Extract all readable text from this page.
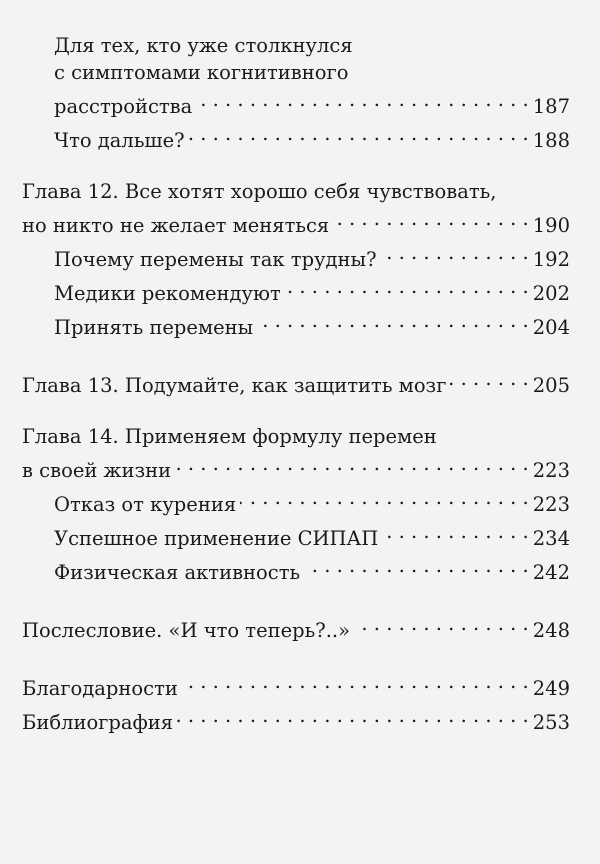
Для тех, кто уже столкнулся
с симптомами когнитивного
расстройства . . .	187
Что дальше? . . .	188
Глава 12. Все хотят хорошо себя чувствовать,
но никто не желает меняться . . .	190
Почему перемены так трудны? . . .	192
Медики рекомендуют . . .	202
Принять перемены . . .	204
Глава 13. Подумайте, как защитить мозг . . .	205
Глава 14. Применяем формулу перемен
в своей жизни . . .	223
Отказ от курения . . .	223
Успешное применение СИПАП . . .	234
Физическая активность . . .	242
Послесловие. «И что теперь?..» . . .	248
Благодарности . . .	249
Библиография . . .	253
